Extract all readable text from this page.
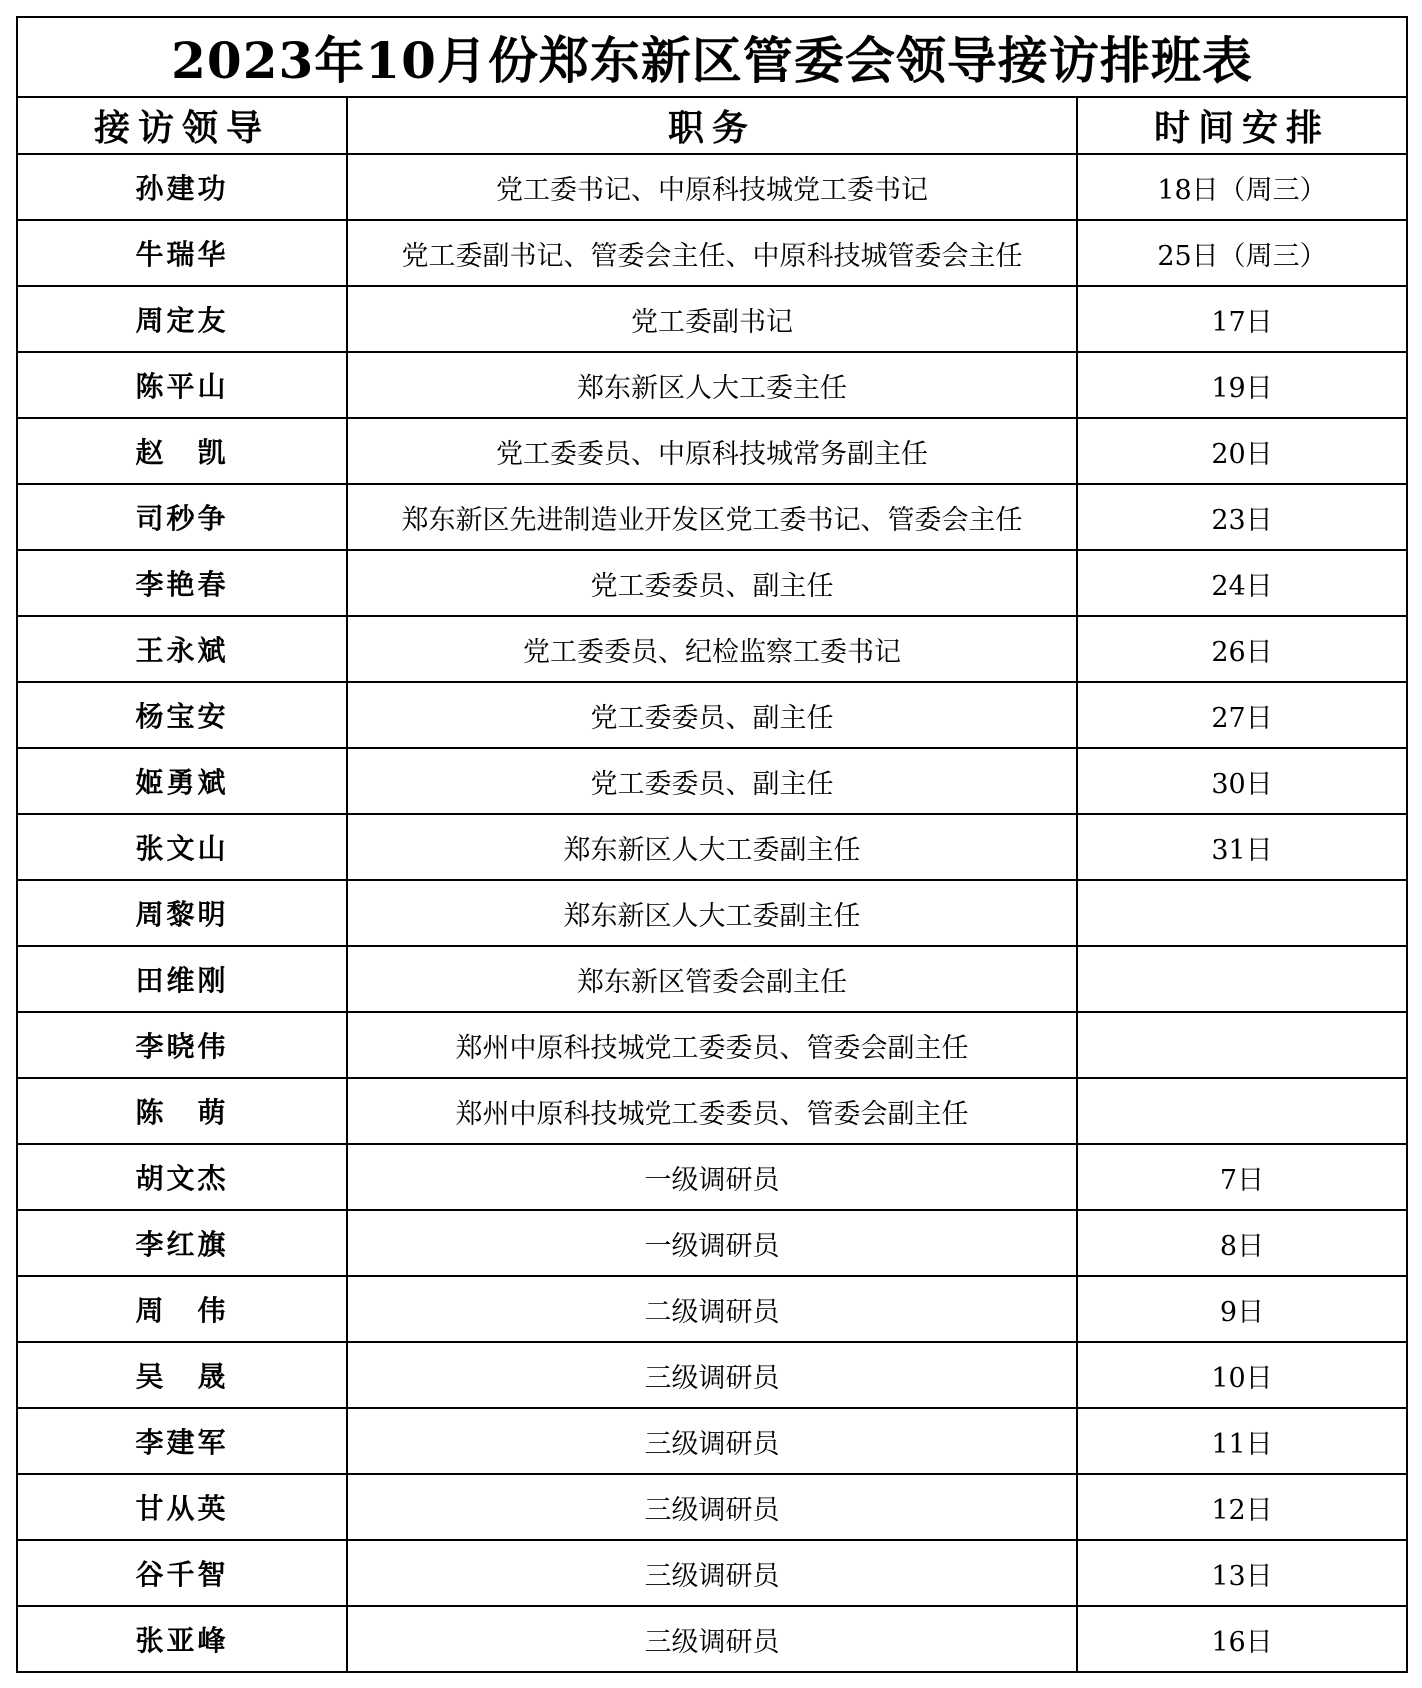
2023年10月份郑东新区管委会领导接访排班表		
接访领导	职务	时间安排
孙建功	党工委书记、中原科技城党工委书记	18日（周三）
牛瑞华	党工委副书记、管委会主任、中原科技城管委会主任	25日（周三）
周定友	党工委副书记	17日
陈平山	郑东新区人大工委主任	19日
赵　凯	党工委委员、中原科技城常务副主任	20日
司秒争	郑东新区先进制造业开发区党工委书记、管委会主任	23日
李艳春	党工委委员、副主任	24日
王永斌	党工委委员、纪检监察工委书记	26日
杨宝安	党工委委员、副主任	27日
姬勇斌	党工委委员、副主任	30日
张文山	郑东新区人大工委副主任	31日
周黎明	郑东新区人大工委副主任	
田维刚	郑东新区管委会副主任	
李晓伟	郑州中原科技城党工委委员、管委会副主任	
陈　萌	郑州中原科技城党工委委员、管委会副主任	
胡文杰	一级调研员	7日
李红旗	一级调研员	8日
周　伟	二级调研员	9日
吴　晟	三级调研员	10日
李建军	三级调研员	11日
甘从英	三级调研员	12日
谷千智	三级调研员	13日
张亚峰	三级调研员	16日
